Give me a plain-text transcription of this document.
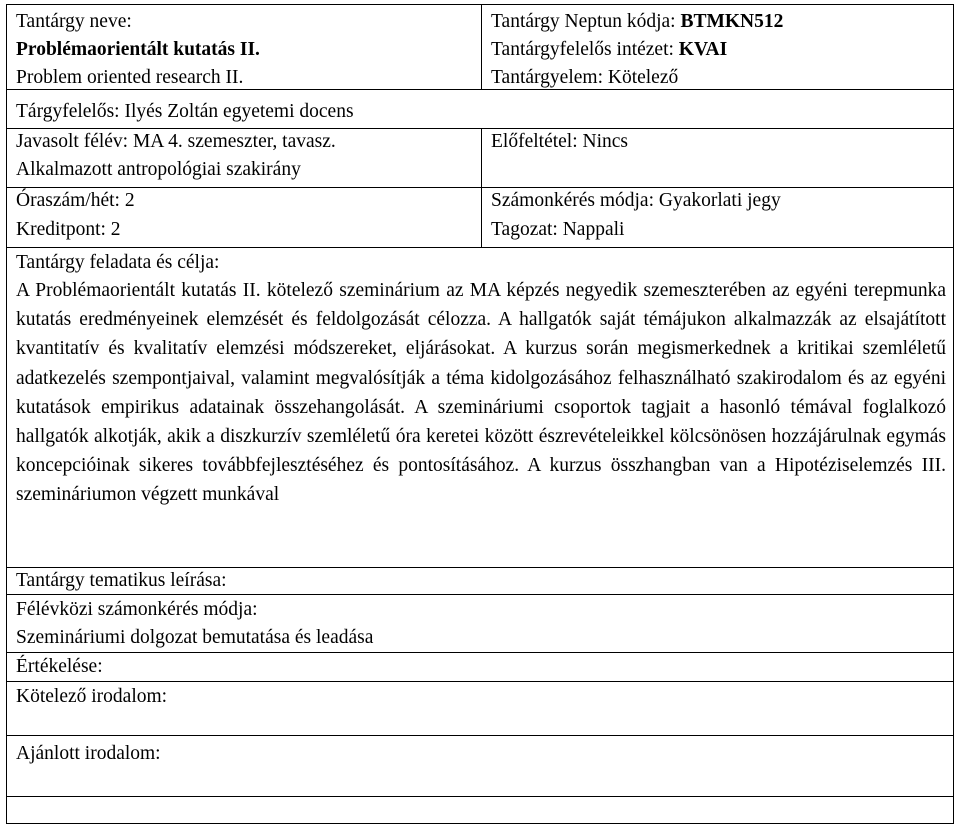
Tantárgy neve:
Problémaorientált kutatás II.
Problem oriented research II.
Tárgyfelelős: Ilyés Zoltán egyetemi docens
Javasolt félév: MA 4. szemeszter, tavasz.
Alkalmazott antropológiai szakirány
Óraszám/hét: 2
Kreditpont: 2
Tantárgy Neptun kódja: BTMKN512
Tantárgyfelelős intézet: KVAI
Tantárgyelem: Kötelező
Előfeltétel: Nincs
Számonkérés módja: Gyakorlati jegy
Tagozat: Nappali
Tantárgy feladata és célja:
A Problémaorientált kutatás II. kötelező szeminárium az MA képzés negyedik szemeszterében az egyéni terepmunka kutatás eredményeinek elemzését és feldolgozását célozza. A hallgatók saját témájukon alkalmazzák az elsajátított kvantitatív és kvalitatív elemzési módszereket, eljárásokat. A kurzus során megismerkednek a kritikai szemléletű adatkezelés szempontjaival, valamint megvalósítják a téma kidolgozásához felhasználható szakirodalom és az egyéni kutatások empirikus adatainak összehangolását. A szemináriumi csoportok tagjait a hasonló témával foglalkozó hallgatók alkotják, akik a diszkurzív szemléletű óra keretei között észrevételeikkel kölcsönösen hozzájárulnak egymás koncepcióinak sikeres továbbfejlesztéséhez és pontosításához. A kurzus összhangban van a Hipotéziselemzés III. szemináriumon végzett munkával
Tantárgy tematikus leírása:
Félévközi számonkérés módja:
Szemináriumi dolgozat bemutatása és leadása
Értékelése:
Kötelező irodalom:
Ajánlott irodalom:
